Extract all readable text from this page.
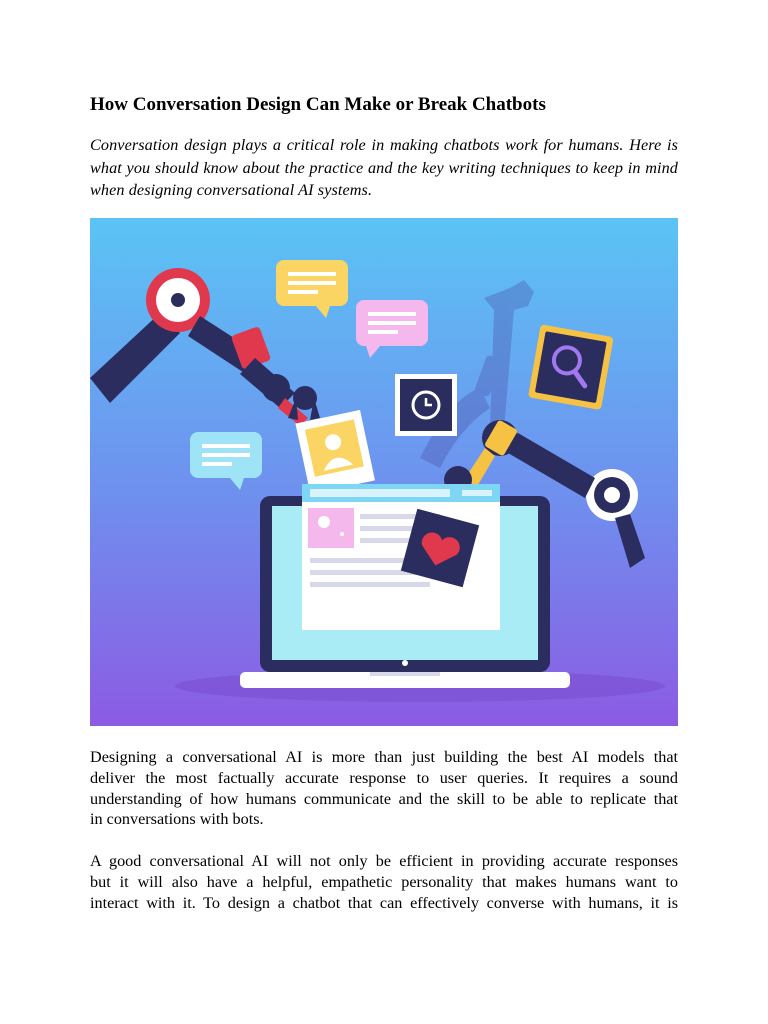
How Conversation Design Can Make or Break Chatbots
Conversation design plays a critical role in making chatbots work for humans. Here is what you should know about the practice and the key writing techniques to keep in mind when designing conversational AI systems.
Designing a conversational AI is more than just building the best AI models that
deliver the most factually accurate response to user queries. It requires a sound
understanding of how humans communicate and the skill to be able to replicate that
in conversations with bots.
A good conversational AI will not only be efficient in providing accurate responses
but it will also have a helpful, empathetic personality that makes humans want to
interact with it. To design a chatbot that can effectively converse with humans, it is
